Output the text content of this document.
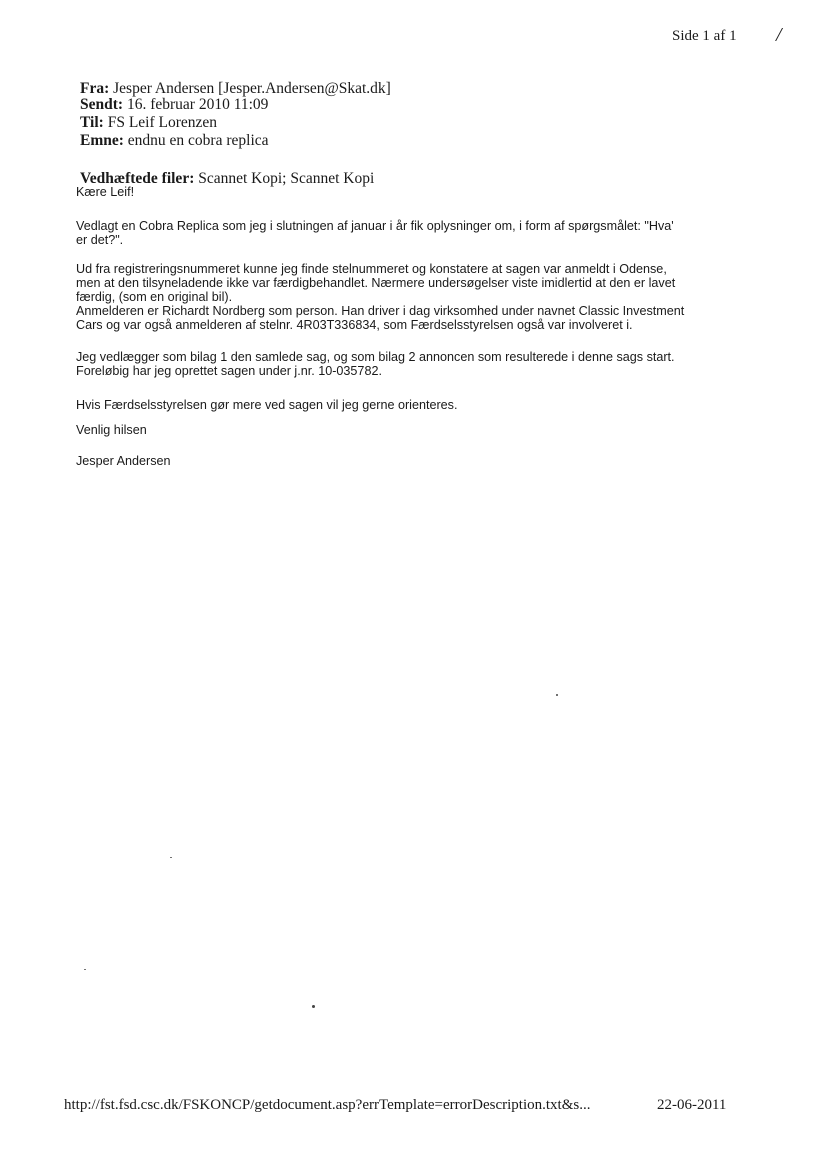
Side 1 af 1 /
Fra: Jesper Andersen [Jesper.Andersen@Skat.dk]
Sendt: 16. februar 2010 11:09
Til: FS Leif Lorenzen
Emne: endnu en cobra replica
Vedhæftede filer: Scannet Kopi; Scannet Kopi
Kære Leif!
Vedlagt en Cobra Replica som jeg i slutningen af januar i år fik oplysninger om, i form af spørgsmålet: "Hva'
er det?".
Ud fra registreringsnummeret kunne jeg finde stelnummeret og konstatere at sagen var anmeldt i Odense,
men at den tilsyneladende ikke var færdigbehandlet. Nærmere undersøgelser viste imidlertid at den er lavet
færdig, (som en original bil).
Anmelderen er Richardt Nordberg som person. Han driver i dag virksomhed under navnet Classic Investment
Cars og var også anmelderen af stelnr. 4R03T336834, som Færdselsstyrelsen også var involveret i.
Jeg vedlægger som bilag 1 den samlede sag, og som bilag 2 annoncen som resulterede i denne sags start.
Foreløbig har jeg oprettet sagen under j.nr. 10-035782.
Hvis Færdselsstyrelsen gør mere ved sagen vil jeg gerne orienteres.
Venlig hilsen
Jesper Andersen
http://fst.fsd.csc.dk/FSKONCP/getdocument.asp?errTemplate=errorDescription.txt&s...	22-06-2011
